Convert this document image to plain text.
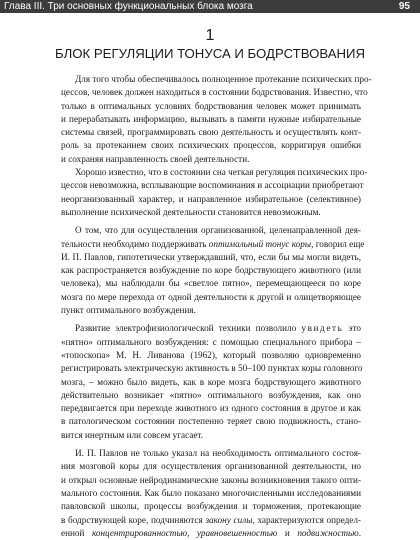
Глава III. Три основных функциональных блока мозга	95
1
БЛОК РЕГУЛЯЦИИ ТОНУСА И БОДРСТВОВАНИЯ
Для того чтобы обеспечивалось полноценное протекание психических про-
цессов, человек должен находиться в состоянии бодрствования. Известно, что
только в оптимальных условиях бодрствования человек может принимать
и перерабатывать информацию, вызывать в памяти нужные избирательные
системы связей, программировать свою деятельность и осуществлять конт-
роль за протеканием своих психических процессов, корригируя ошибки
и сохраняя направленность своей деятельности.
Хорошо известно, что в состоянии сна четкая регуляция психических про-
цессов невозможна, всплывающие воспоминания и ассоциации приобретают
неорганизованный характер, и направленное избирательное (селективное)
выполнение психической деятельности становится невозможным.
О том, что для осуществления организованной, целенаправленной дея-
тельности необходимо поддерживать оптимальный тонус коры, говорил еще
И. П. Павлов, гипотетически утверждавший, что, если бы мы могли видеть,
как распространяется возбуждение по коре бодрствующего животного (или
человека), мы наблюдали бы «светлое пятно», перемещающееся по коре
мозга по мере перехода от одной деятельности к другой и олицетворяющее
пункт оптимального возбуждения.
Развитие электрофизиологической техники позволило увидеть это
«пятно» оптимального возбуждения: с помощью специального прибора –
«топоскопа» М. Н. Ливанова (1962), который позволяю одновременно
регистрировать электрическую активность в 50–100 пунктах коры головного
мозга, – можно было видеть, как в коре мозга бодрствующего животного
действительно возникает «пятно» оптимального возбуждения, как оно
передвигается при переходе животного из одного состояния в другое и как
в патологическом состоянии постепенно теряет свою подвижность, стано-
вится инертным или совсем угасает.
И. П. Павлов не только указал на необходимость оптимального состоя-
ния мозговой коры для осуществления организованной деятельности, но
и открыл основные нейродинамические законы возникновения такого опти-
мального состояния. Как было показано многочисленными исследованиями
павловской школы, процессы возбуждения и торможения, протекающие
в бодрствующей коре, подчиняются закону силы, характеризуются определ-
енной концентрированностью, уравновешенностью и подвижностью.
